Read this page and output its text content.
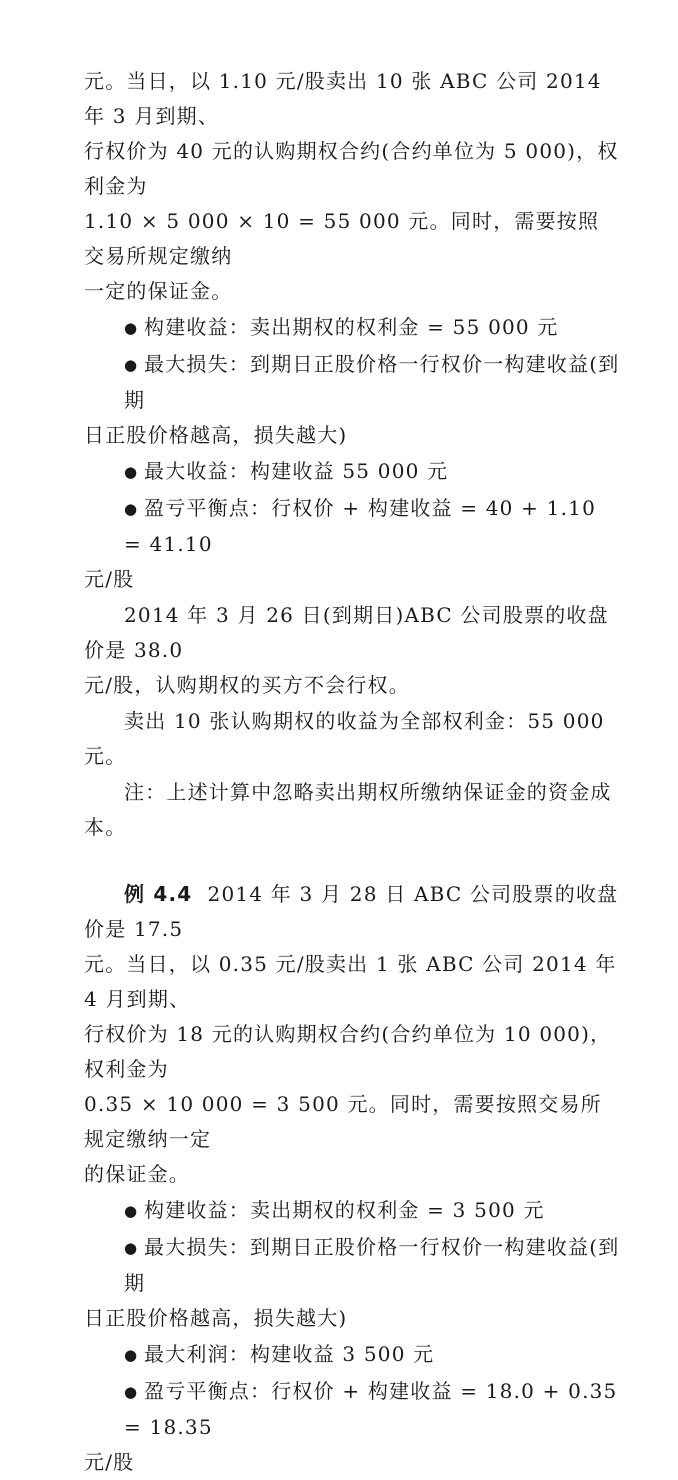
元。当日，以 1.10 元/股卖出 10 张 ABC 公司 2014 年 3 月到期、

行权价为 40 元的认购期权合约(合约单位为 5 000)，权利金为

1.10 × 5 000 × 10 = 55 000 元。同时，需要按照交易所规定缴纳

一定的保证金。

● 构建收益：卖出期权的权利金 = 55 000 元

● 最大损失：到期日正股价格一行权价一构建收益(到期

日正股价格越高，损失越大)

● 最大收益：构建收益 55 000 元

● 盈亏平衡点：行权价 + 构建收益 = 40 + 1.10 = 41.10

元/股

2014 年 3 月 26 日(到期日)ABC 公司股票的收盘价是 38.0

元/股，认购期权的买方不会行权。

卖出 10 张认购期权的收益为全部权利金：55 000 元。

注：上述计算中忽略卖出期权所缴纳保证金的资金成本。

例 4.4 2014 年 3 月 28 日 ABC 公司股票的收盘价是 17.5

元。当日，以 0.35 元/股卖出 1 张 ABC 公司 2014 年 4 月到期、

行权价为 18 元的认购期权合约(合约单位为 10 000)，权利金为

0.35 × 10 000 = 3 500 元。同时，需要按照交易所规定缴纳一定

的保证金。

● 构建收益：卖出期权的权利金 = 3 500 元

● 最大损失：到期日正股价格一行权价一构建收益(到期

日正股价格越高，损失越大)

● 最大利润：构建收益 3 500 元

● 盈亏平衡点：行权价 + 构建收益 = 18.0 + 0.35 = 18.35

元/股
